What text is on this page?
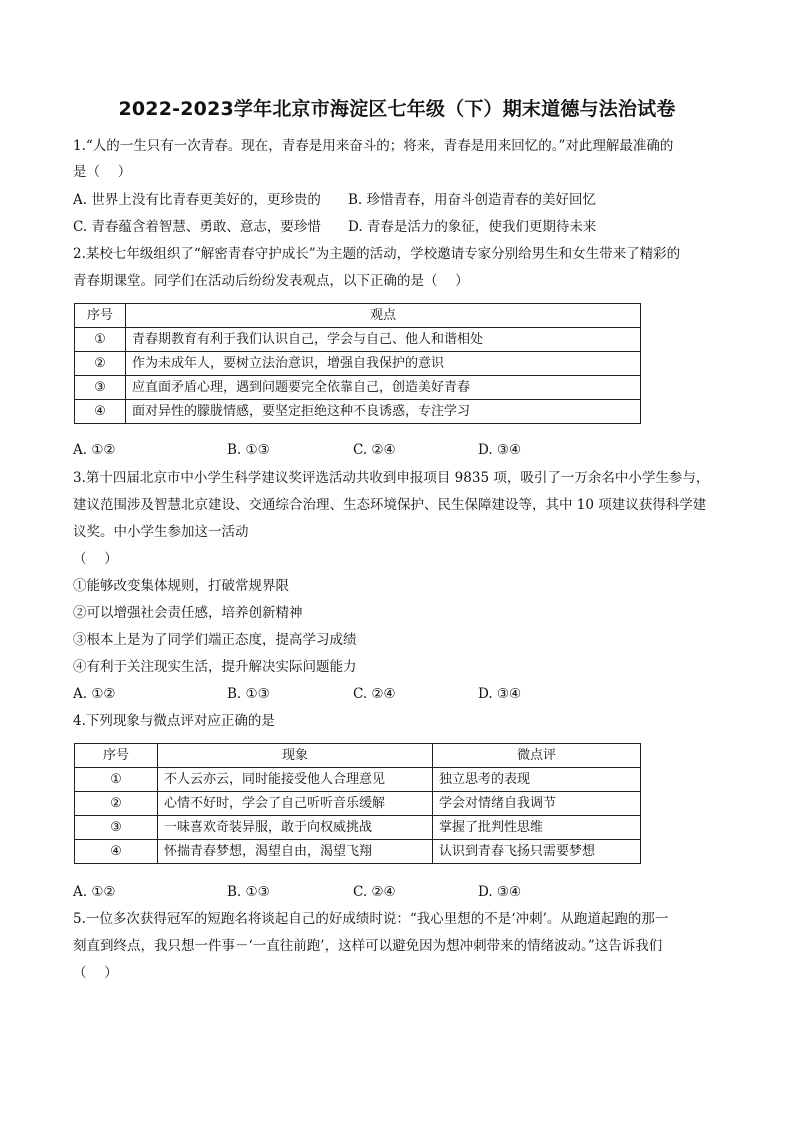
2022-2023学年北京市海淀区七年级（下）期末道德与法治试卷
1.“人的一生只有一次青春。现在，青春是用来奋斗的；将来，青春是用来回忆的。”对此理解最准确的
是（　 ）
A. 世界上没有比青春更美好的，更珍贵的 B. 珍惜青春，用奋斗创造青春的美好回忆
C. 青春蕴含着智慧、勇敢、意志，要珍惜 D. 青春是活力的象征，使我们更期待未来
2.某校七年级组织了“解密青春守护成长”为主题的活动，学校邀请专家分别给男生和女生带来了精彩的
青春期课堂。同学们在活动后纷纷发表观点，以下正确的是（　 ）
序号	观点
①	青春期教育有利于我们认识自己，学会与自己、他人和谐相处
②	作为未成年人，要树立法治意识，增强自我保护的意识
③	应直面矛盾心理，遇到问题要完全依靠自己，创造美好青春
④	面对异性的朦胧情感，要坚定拒绝这种不良诱惑，专注学习
A. ①②	B. ①③	C. ②④	D. ③④
3.第十四届北京市中小学生科学建议奖评选活动共收到申报项目 9835 项，吸引了一万余名中小学生参与，
建议范围涉及智慧北京建设、交通综合治理、生态环境保护、民生保障建设等，其中 10 项建议获得科学建
议奖。中小学生参加这一活动
（　 ）
①能够改变集体规则，打破常规界限
②可以增强社会责任感，培养创新精神
③根本上是为了同学们端正态度，提高学习成绩
④有利于关注现实生活，提升解决实际问题能力
A. ①②	B. ①③	C. ②④	D. ③④
4.下列现象与微点评对应正确的是
序号	现象	微点评
①	不人云亦云，同时能接受他人合理意见	独立思考的表现
②	心情不好时，学会了自己听听音乐缓解	学会对情绪自我调节
③	一味喜欢奇装异服，敢于向权威挑战	掌握了批判性思维
④	怀揣青春梦想，渴望自由，渴望飞翔	认识到青春飞扬只需要梦想
A. ①②	B. ①③	C. ②④	D. ③④
5.一位多次获得冠军的短跑名将谈起自己的好成绩时说：“我心里想的不是‘冲刺’。从跑道起跑的那一
刻直到终点，我只想一件事－‘一直往前跑’，这样可以避免因为想冲刺带来的情绪波动。”这告诉我们
（　 ）
